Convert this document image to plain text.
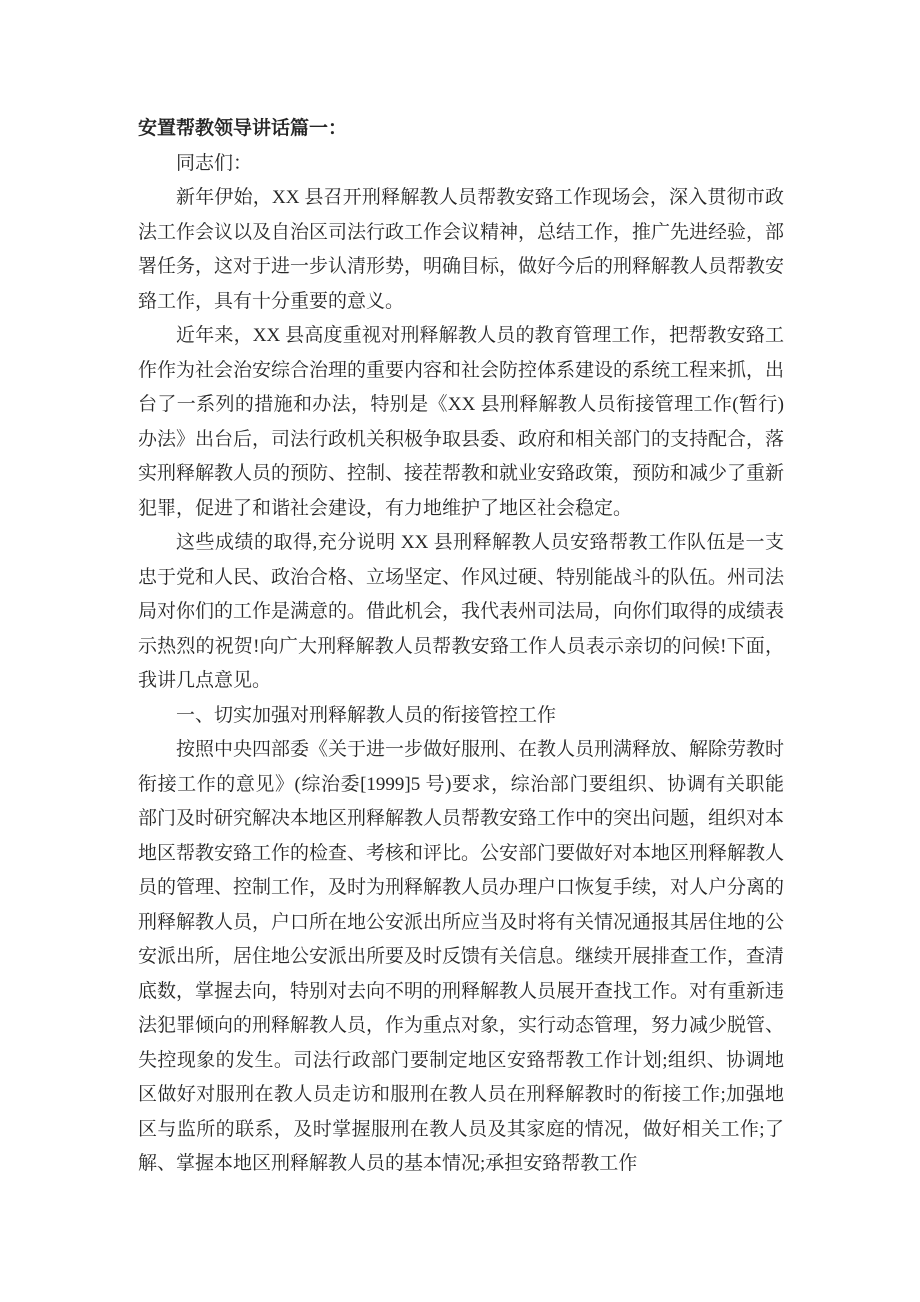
安置帮教领导讲话篇一：

同志们：

新年伊始，XX 县召开刑释解教人员帮教安臵工作现场会，深入贯彻市政法工作会议以及自治区司法行政工作会议精神，总结工作，推广先进经验，部署任务，这对于进一步认清形势，明确目标，做好今后的刑释解教人员帮教安臵工作，具有十分重要的意义。

近年来，XX 县高度重视对刑释解教人员的教育管理工作，把帮教安臵工作作为社会治安综合治理的重要内容和社会防控体系建设的系统工程来抓，出台了一系列的措施和办法，特别是《XX 县刑释解教人员衔接管理工作(暂行)办法》出台后，司法行政机关积极争取县委、政府和相关部门的支持配合，落实刑释解教人员的预防、控制、接茬帮教和就业安臵政策，预防和减少了重新犯罪，促进了和谐社会建设，有力地维护了地区社会稳定。

这些成绩的取得,充分说明 XX 县刑释解教人员安臵帮教工作队伍是一支忠于党和人民、政治合格、立场坚定、作风过硬、特别能战斗的队伍。州司法局对你们的工作是满意的。借此机会，我代表州司法局，向你们取得的成绩表示热烈的祝贺!向广大刑释解教人员帮教安臵工作人员表示亲切的问候!下面，我讲几点意见。

一、切实加强对刑释解教人员的衔接管控工作

按照中央四部委《关于进一步做好服刑、在教人员刑满释放、解除劳教时衔接工作的意见》(综治委[1999]5 号)要求，综治部门要组织、协调有关职能部门及时研究解决本地区刑释解教人员帮教安臵工作中的突出问题，组织对本地区帮教安臵工作的检查、考核和评比。公安部门要做好对本地区刑释解教人员的管理、控制工作，及时为刑释解教人员办理户口恢复手续，对人户分离的刑释解教人员，户口所在地公安派出所应当及时将有关情况通报其居住地的公安派出所，居住地公安派出所要及时反馈有关信息。继续开展排查工作，查清底数，掌握去向，特别对去向不明的刑释解教人员展开查找工作。对有重新违法犯罪倾向的刑释解教人员，作为重点对象，实行动态管理，努力减少脱管、失控现象的发生。司法行政部门要制定地区安臵帮教工作计划;组织、协调地区做好对服刑在教人员走访和服刑在教人员在刑释解教时的衔接工作;加强地区与监所的联系，及时掌握服刑在教人员及其家庭的情况，做好相关工作;了解、掌握本地区刑释解教人员的基本情况;承担安臵帮教工作
